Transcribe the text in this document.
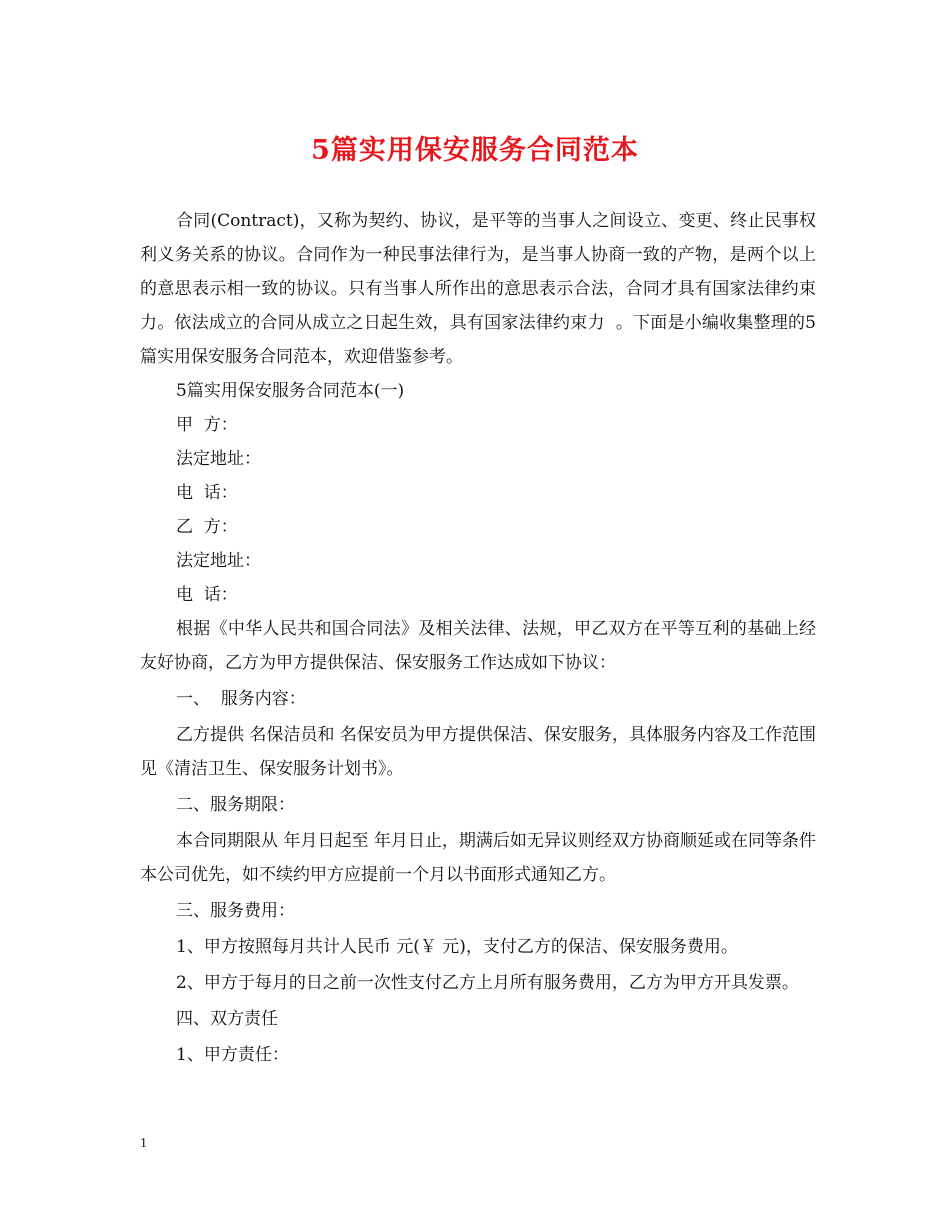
5篇实用保安服务合同范本

合同(Contract)，又称为契约、协议，是平等的当事人之间设立、变更、终止民事权利义务关系的协议。合同作为一种民事法律行为，是当事人协商一致的产物，是两个以上的意思表示相一致的协议。只有当事人所作出的意思表示合法，合同才具有国家法律约束力。依法成立的合同从成立之日起生效，具有国家法律约束力  。下面是小编收集整理的5篇实用保安服务合同范本，欢迎借鉴参考。

5篇实用保安服务合同范本(一)

甲  方：

法定地址：

电  话：

乙  方：

法定地址：

电  话：

根据《中华人民共和国合同法》及相关法律、法规，甲乙双方在平等互利的基础上经友好协商，乙方为甲方提供保洁、保安服务工作达成如下协议：

一、  服务内容：

乙方提供 名保洁员和 名保安员为甲方提供保洁、保安服务，具体服务内容及工作范围见《清洁卫生、保安服务计划书》。

二、服务期限：

本合同期限从 年月日起至 年月日止，期满后如无异议则经双方协商顺延或在同等条件本公司优先，如不续约甲方应提前一个月以书面形式通知乙方。

三、服务费用：

1、甲方按照每月共计人民币 元(￥ 元)，支付乙方的保洁、保安服务费用。

2、甲方于每月的日之前一次性支付乙方上月所有服务费用，乙方为甲方开具发票。

四、双方责任

1、甲方责任：

1
